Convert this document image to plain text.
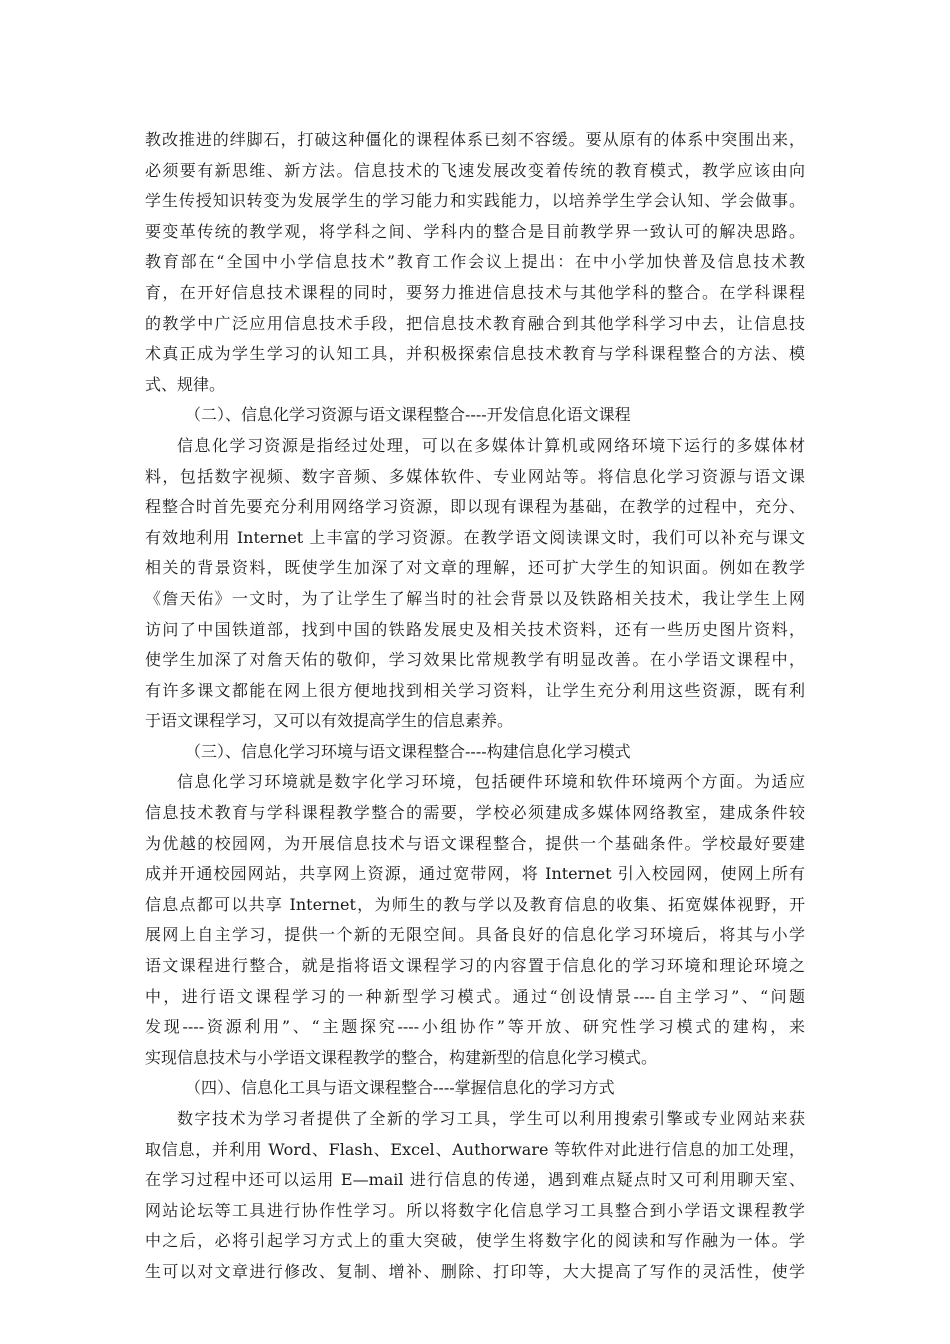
教改推进的绊脚石，打破这种僵化的课程体系已刻不容缓。要从原有的体系中突围出来，
必须要有新思维、新方法。信息技术的飞速发展改变着传统的教育模式，教学应该由向
学生传授知识转变为发展学生的学习能力和实践能力，以培养学生学会认知、学会做事。
要变革传统的教学观，将学科之间、学科内的整合是目前教学界一致认可的解决思路。
教育部在“全国中小学信息技术”教育工作会议上提出：在中小学加快普及信息技术教
育，在开好信息技术课程的同时，要努力推进信息技术与其他学科的整合。在学科课程
的教学中广泛应用信息技术手段，把信息技术教育融合到其他学科学习中去，让信息技
术真正成为学生学习的认知工具，并积极探索信息技术教育与学科课程整合的方法、模
式、规律。
（二）、信息化学习资源与语文课程整合----开发信息化语文课程
信息化学习资源是指经过处理，可以在多媒体计算机或网络环境下运行的多媒体材
料，包括数字视频、数字音频、多媒体软件、专业网站等。将信息化学习资源与语文课
程整合时首先要充分利用网络学习资源，即以现有课程为基础，在教学的过程中，充分、
有效地利用 Internet 上丰富的学习资源。在教学语文阅读课文时，我们可以补充与课文
相关的背景资料，既使学生加深了对文章的理解，还可扩大学生的知识面。例如在教学
《詹天佑》一文时，为了让学生了解当时的社会背景以及铁路相关技术，我让学生上网
访问了中国铁道部，找到中国的铁路发展史及相关技术资料，还有一些历史图片资料，
使学生加深了对詹天佑的敬仰，学习效果比常规教学有明显改善。在小学语文课程中，
有许多课文都能在网上很方便地找到相关学习资料，让学生充分利用这些资源，既有利
于语文课程学习，又可以有效提高学生的信息素养。
（三）、信息化学习环境与语文课程整合----构建信息化学习模式
信息化学习环境就是数字化学习环境，包括硬件环境和软件环境两个方面。为适应
信息技术教育与学科课程教学整合的需要，学校必须建成多媒体网络教室，建成条件较
为优越的校园网，为开展信息技术与语文课程整合，提供一个基础条件。学校最好要建
成并开通校园网站，共享网上资源，通过宽带网，将 Internet 引入校园网，使网上所有
信息点都可以共享 Internet，为师生的教与学以及教育信息的收集、拓宽媒体视野，开
展网上自主学习，提供一个新的无限空间。具备良好的信息化学习环境后，将其与小学
语文课程进行整合，就是指将语文课程学习的内容置于信息化的学习环境和理论环境之
中，进行语文课程学习的一种新型学习模式。通过“创设情景----自主学习”、“问题
发现----资源利用”、“主题探究----小组协作”等开放、研究性学习模式的建构，来
实现信息技术与小学语文课程教学的整合，构建新型的信息化学习模式。
（四）、信息化工具与语文课程整合----掌握信息化的学习方式
数字技术为学习者提供了全新的学习工具，学生可以利用搜索引擎或专业网站来获
取信息，并利用 Word、Flash、Excel、Authorware 等软件对此进行信息的加工处理，
在学习过程中还可以运用 E—mail 进行信息的传递，遇到难点疑点时又可利用聊天室、
网站论坛等工具进行协作性学习。所以将数字化信息学习工具整合到小学语文课程教学
中之后，必将引起学习方式上的重大突破，使学生将数字化的阅读和写作融为一体。学
生可以对文章进行修改、复制、增补、删除、打印等，大大提高了写作的灵活性，使学
